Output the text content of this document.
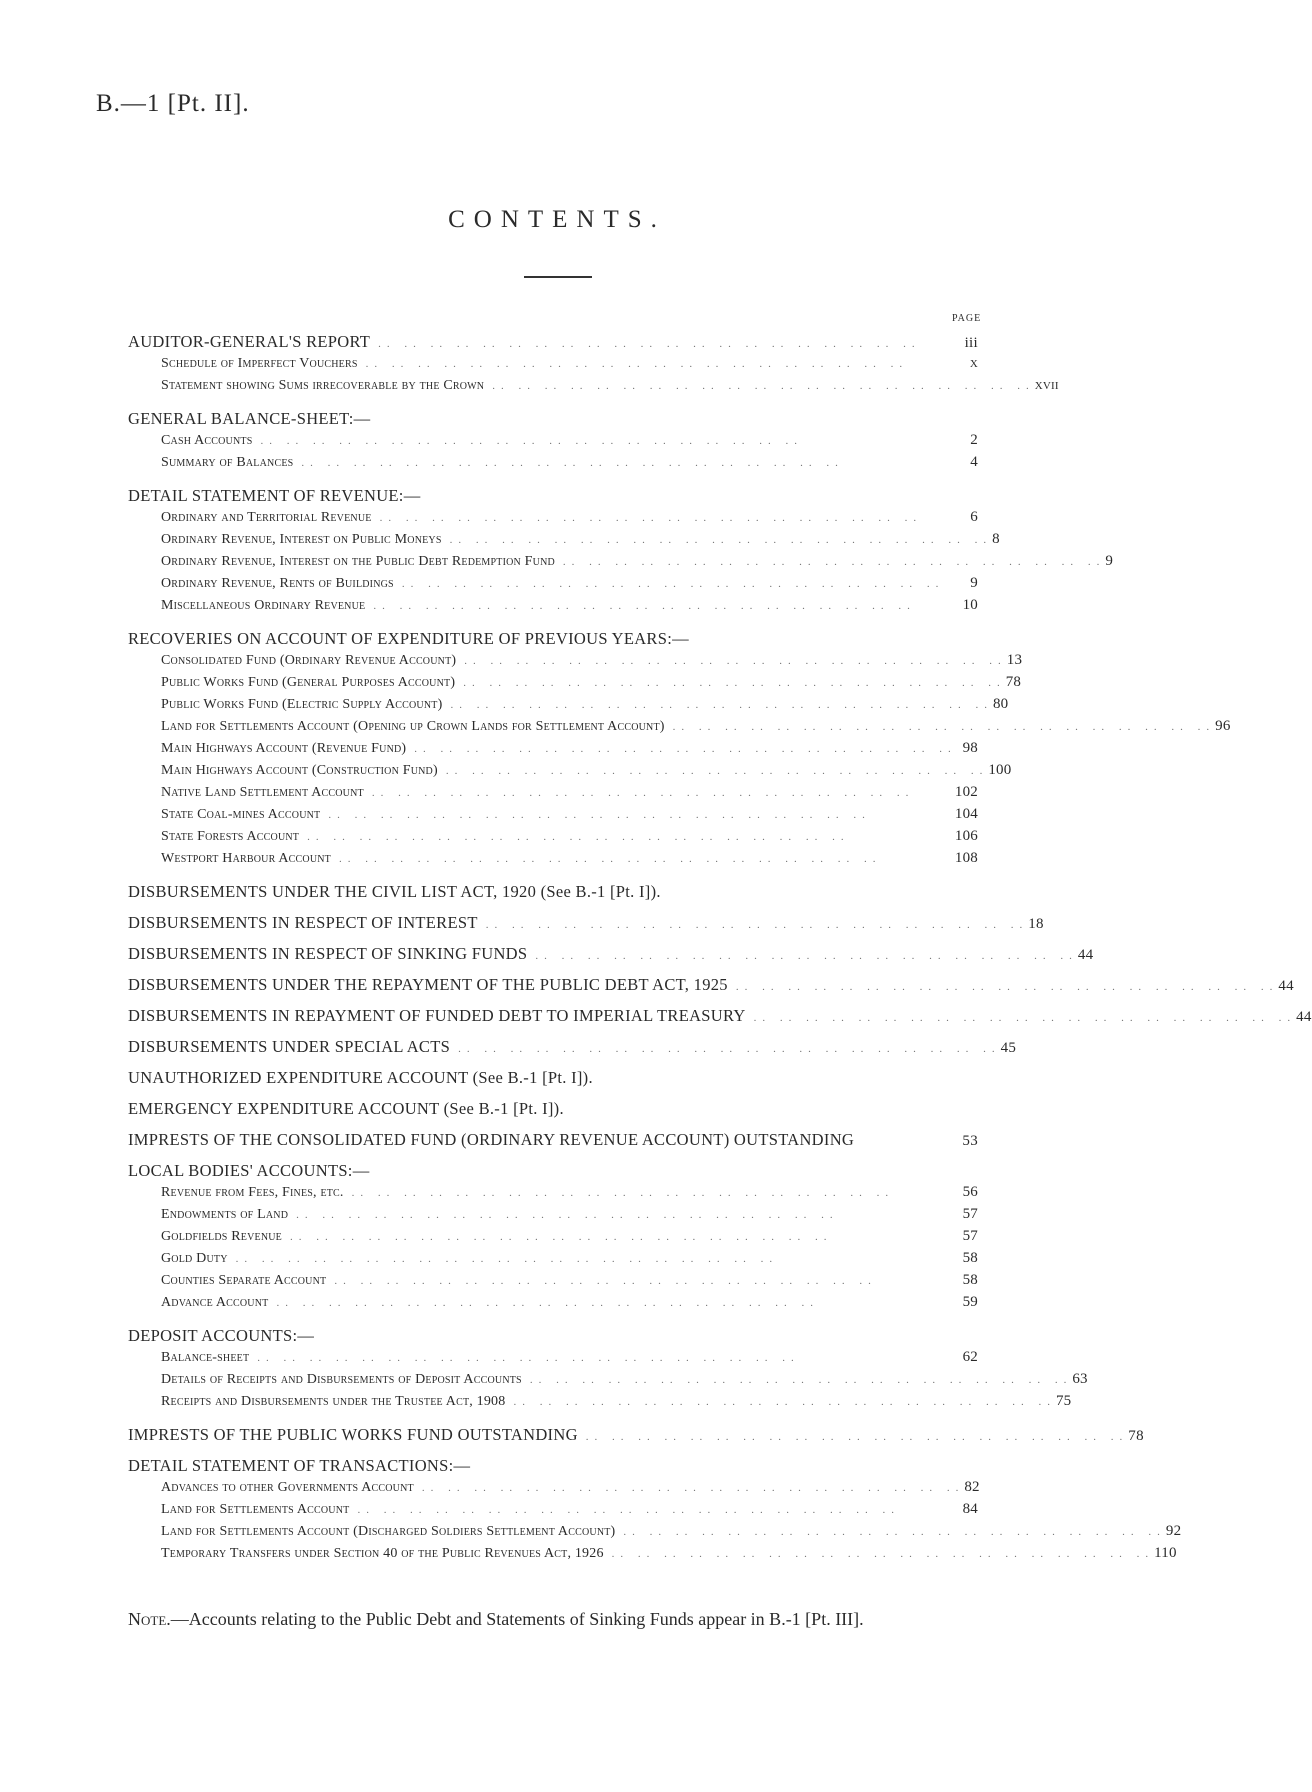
B.—1 [Pt. II].
CONTENTS.
PAGE
AUDITOR-GENERAL'S REPORT .. .. .. .. .. .. .. .. .. .. .. .. .. .. .. .. .. .. .. .. ..	iii
Schedule of Imperfect Vouchers .. .. .. .. .. .. .. .. .. .. .. .. .. .. .. .. .. .. .. .. ..	x
Statement showing Sums irrecoverable by the Crown .. .. .. .. .. .. .. .. .. .. .. .. .. .. .. .. .. .. .. .. .. xvii
GENERAL BALANCE-SHEET:—
Cash Accounts .. .. .. .. .. .. .. .. .. .. .. .. .. .. .. .. .. .. .. .. ..	2
Summary of Balances .. .. .. .. .. .. .. .. .. .. .. .. .. .. .. .. .. .. .. .. ..	4
DETAIL STATEMENT OF REVENUE:—
Ordinary and Territorial Revenue .. .. .. .. .. .. .. .. .. .. .. .. .. .. .. .. .. .. .. .. ..	6
Ordinary Revenue, Interest on Public Moneys .. .. .. .. .. .. .. .. .. .. .. .. .. .. .. .. .. .. .. .. .. 8
Ordinary Revenue, Interest on the Public Debt Redemption Fund .. .. .. .. .. .. .. .. .. .. .. .. .. .. .. .. .. .. .. .. .. 9
Ordinary Revenue, Rents of Buildings .. .. .. .. .. .. .. .. .. .. .. .. .. .. .. .. .. .. .. .. ..	9
Miscellaneous Ordinary Revenue .. .. .. .. .. .. .. .. .. .. .. .. .. .. .. .. .. .. .. .. ..	10
RECOVERIES ON ACCOUNT OF EXPENDITURE OF PREVIOUS YEARS:—
Consolidated Fund (Ordinary Revenue Account) .. .. .. .. .. .. .. .. .. .. .. .. .. .. .. .. .. .. .. .. .. 13
Public Works Fund (General Purposes Account) .. .. .. .. .. .. .. .. .. .. .. .. .. .. .. .. .. .. .. .. .. 78
Public Works Fund (Electric Supply Account) .. .. .. .. .. .. .. .. .. .. .. .. .. .. .. .. .. .. .. .. .. 80
Land for Settlements Account (Opening up Crown Lands for Settlement Account) .. .. .. .. .. .. .. .. .. .. .. .. .. .. .. .. .. .. .. .. .. 96
Main Highways Account (Revenue Fund) .. .. .. .. .. .. .. .. .. .. .. .. .. .. .. .. .. .. .. .. .. 98
Main Highways Account (Construction Fund) .. .. .. .. .. .. .. .. .. .. .. .. .. .. .. .. .. .. .. .. .. 100
Native Land Settlement Account .. .. .. .. .. .. .. .. .. .. .. .. .. .. .. .. .. .. .. .. ..	102
State Coal-mines Account .. .. .. .. .. .. .. .. .. .. .. .. .. .. .. .. .. .. .. .. ..	104
State Forests Account .. .. .. .. .. .. .. .. .. .. .. .. .. .. .. .. .. .. .. .. ..	106
Westport Harbour Account .. .. .. .. .. .. .. .. .. .. .. .. .. .. .. .. .. .. .. .. ..	108
DISBURSEMENTS UNDER THE CIVIL LIST ACT, 1920 (See B.-1 [Pt. I]).
DISBURSEMENTS IN RESPECT OF INTEREST .. .. .. .. .. .. .. .. .. .. .. .. .. .. .. .. .. .. .. .. .. 18
DISBURSEMENTS IN RESPECT OF SINKING FUNDS .. .. .. .. .. .. .. .. .. .. .. .. .. .. .. .. .. .. .. .. .. 44
DISBURSEMENTS UNDER THE REPAYMENT OF THE PUBLIC DEBT ACT, 1925 .. .. .. .. .. .. .. .. .. .. .. .. .. .. .. .. .. .. .. .. .. 44
DISBURSEMENTS IN REPAYMENT OF FUNDED DEBT TO IMPERIAL TREASURY .. .. .. .. .. .. .. .. .. .. .. .. .. .. .. .. .. .. .. .. .. 44
DISBURSEMENTS UNDER SPECIAL ACTS .. .. .. .. .. .. .. .. .. .. .. .. .. .. .. .. .. .. .. .. .. 45
UNAUTHORIZED EXPENDITURE ACCOUNT (See B.-1 [Pt. I]).
EMERGENCY EXPENDITURE ACCOUNT (See B.-1 [Pt. I]).
IMPRESTS OF THE CONSOLIDATED FUND (ORDINARY REVENUE ACCOUNT) OUTSTANDING	53
LOCAL BODIES' ACCOUNTS:—
Revenue from Fees, Fines, etc. .. .. .. .. .. .. .. .. .. .. .. .. .. .. .. .. .. .. .. .. ..	56
Endowments of Land .. .. .. .. .. .. .. .. .. .. .. .. .. .. .. .. .. .. .. .. ..	57
Goldfields Revenue .. .. .. .. .. .. .. .. .. .. .. .. .. .. .. .. .. .. .. .. ..	57
Gold Duty .. .. .. .. .. .. .. .. .. .. .. .. .. .. .. .. .. .. .. .. ..	58
Counties Separate Account .. .. .. .. .. .. .. .. .. .. .. .. .. .. .. .. .. .. .. .. ..	58
Advance Account .. .. .. .. .. .. .. .. .. .. .. .. .. .. .. .. .. .. .. .. ..	59
DEPOSIT ACCOUNTS:—
Balance-sheet .. .. .. .. .. .. .. .. .. .. .. .. .. .. .. .. .. .. .. .. ..	62
Details of Receipts and Disbursements of Deposit Accounts .. .. .. .. .. .. .. .. .. .. .. .. .. .. .. .. .. .. .. .. .. 63
Receipts and Disbursements under the Trustee Act, 1908 .. .. .. .. .. .. .. .. .. .. .. .. .. .. .. .. .. .. .. .. .. 75
IMPRESTS OF THE PUBLIC WORKS FUND OUTSTANDING .. .. .. .. .. .. .. .. .. .. .. .. .. .. .. .. .. .. .. .. .. 78
DETAIL STATEMENT OF TRANSACTIONS:—
Advances to other Governments Account .. .. .. .. .. .. .. .. .. .. .. .. .. .. .. .. .. .. .. .. .. 82
Land for Settlements Account .. .. .. .. .. .. .. .. .. .. .. .. .. .. .. .. .. .. .. .. ..	84
Land for Settlements Account (Discharged Soldiers Settlement Account) .. .. .. .. .. .. .. .. .. .. .. .. .. .. .. .. .. .. .. .. .. 92
Temporary Transfers under Section 40 of the Public Revenues Act, 1926 .. .. .. .. .. .. .. .. .. .. .. .. .. .. .. .. .. .. .. .. .. 110
Note.—Accounts relating to the Public Debt and Statements of Sinking Funds appear in B.-1 [Pt. III].
